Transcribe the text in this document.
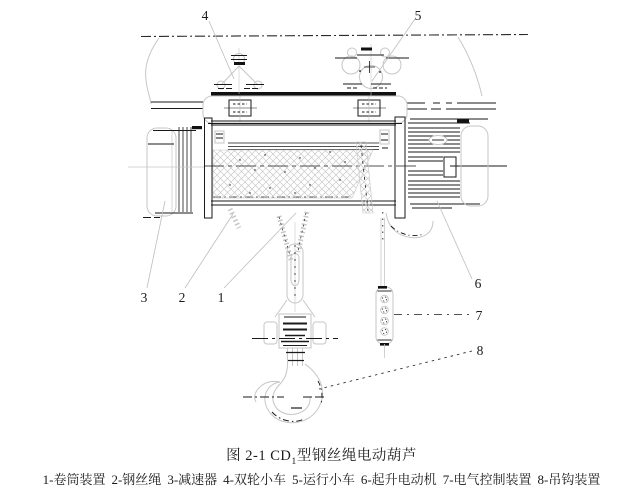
4	5
3 2 1
6
7
8
图 2-1 $CD_1$型钢丝绳电动葫芦
1-卷筒装置 2-钢丝绳 3-减速器 4-双轮小车 5-运行小车 6-起升电动机 7-电气控制装置 8-吊钩装置
